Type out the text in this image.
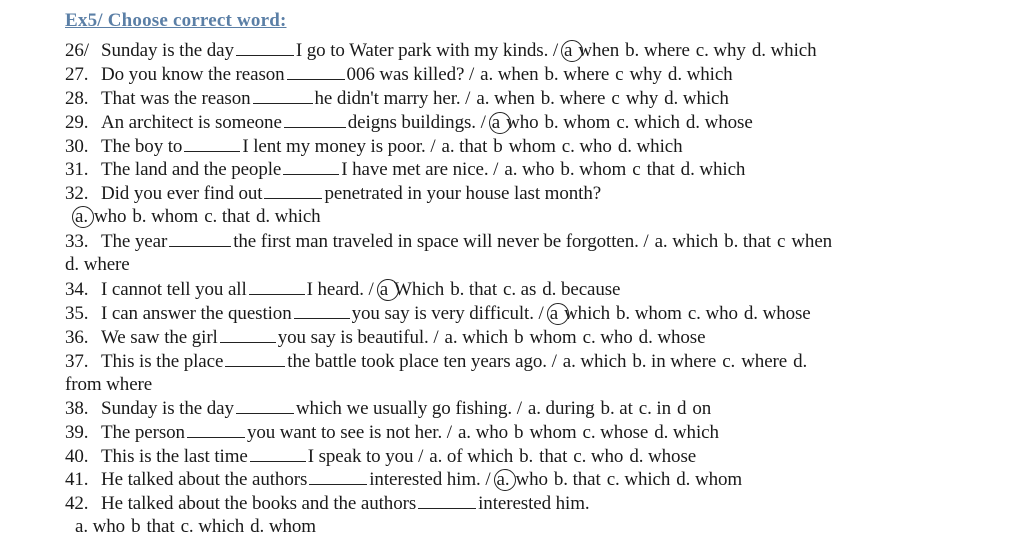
Ex5/ Choose correct word:
26/ Sunday is the day	I go to Water park with my kinds. / a when b. where c. why d. which
27. Do you know the reason	006 was killed? / a. when b. where c why d. which
28. That was the reason	he didn't marry her. / a. when b. where c why d. which
29. An architect is someone	deigns buildings. / a who b. whom c. which d. whose
30. The boy to	I lent my money is poor. / a. that b whom c. who d. which
31. The land and the people	I have met are nice. / a. who b. whom c that d. which
32. Did you ever find out	penetrated in your house last month?
a. who b. whom c. that d. which
33. The year	the first man traveled in space will never be forgotten. / a. which b. that c when
d. where
34. I cannot tell you all	I heard. / a Which b. that c. as d. because
35. I can answer the question	you say is very difficult. / a which b. whom c. who d. whose
36. We saw the girl	you say is beautiful. / a. which b whom c. who d. whose
37. This is the place	the battle took place ten years ago. / a. which b. in where c. where d.
from where
38. Sunday is the day	which we usually go fishing. / a. during b. at c. in d on
39. The person	you want to see is not her. / a. who b whom c. whose d. which
40. This is the last time	I speak to you / a. of which b. that c. who d. whose
41. He talked about the authors	interested him. / a. who b. that c. which d. whom
42. He talked about the books and the authors	interested him.
a. who b that c. which d. whom
